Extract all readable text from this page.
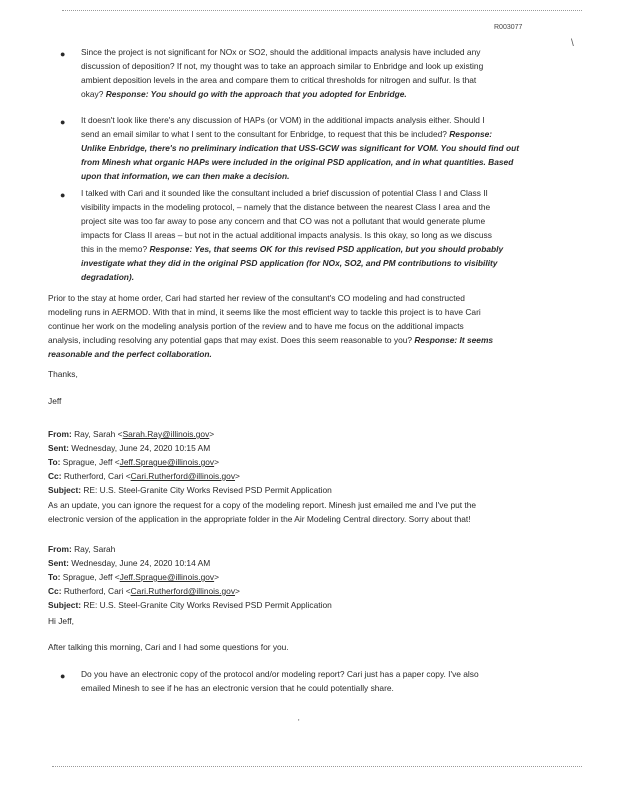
R003077
\
● Since the project is not significant for NOx or SO2, should the additional impacts analysis have included any
discussion of deposition? If not, my thought was to take an approach similar to Enbridge and look up existing
ambient deposition levels in the area and compare them to critical thresholds for nitrogen and sulfur. Is that
okay? Response: You should go with the approach that you adopted for Enbridge.
● It doesn't look like there's any discussion of HAPs (or VOM) in the additional impacts analysis either. Should I
send an email similar to what I sent to the consultant for Enbridge, to request that this be included? Response:
Unlike Enbridge, there's no preliminary indication that USS-GCW was significant for VOM. You should find out
from Minesh what organic HAPs were included in the original PSD application, and in what quantities. Based
upon that information, we can then make a decision.
● I talked with Cari and it sounded like the consultant included a brief discussion of potential Class I and Class II
visibility impacts in the modeling protocol, – namely that the distance between the nearest Class I area and the
project site was too far away to pose any concern and that CO was not a pollutant that would generate plume
impacts for Class II areas – but not in the actual additional impacts analysis. Is this okay, so long as we discuss
this in the memo? Response: Yes, that seems OK for this revised PSD application, but you should probably
investigate what they did in the original PSD application (for NOx, SO2, and PM contributions to visibility
degradation).
Prior to the stay at home order, Cari had started her review of the consultant's CO modeling and had constructed
modeling runs in AERMOD. With that in mind, it seems like the most efficient way to tackle this project is to have Cari
continue her work on the modeling analysis portion of the review and to have me focus on the additional impacts
analysis, including resolving any potential gaps that may exist. Does this seem reasonable to you? Response: It seems
reasonable and the perfect collaboration.
Thanks,
Jeff
From: Ray, Sarah <Sarah.Ray@illinois.gov>
Sent: Wednesday, June 24, 2020 10:15 AM
To: Sprague, Jeff <Jeff.Sprague@illinois.gov>
Cc: Rutherford, Cari <Cari.Rutherford@illinois.gov>
Subject: RE: U.S. Steel-Granite City Works Revised PSD Permit Application
As an update, you can ignore the request for a copy of the modeling report. Minesh just emailed me and I've put the
electronic version of the application in the appropriate folder in the Air Modeling Central directory. Sorry about that!
From: Ray, Sarah
Sent: Wednesday, June 24, 2020 10:14 AM
To: Sprague, Jeff <Jeff.Sprague@illinois.gov>
Cc: Rutherford, Cari <Cari.Rutherford@illinois.gov>
Subject: RE: U.S. Steel-Granite City Works Revised PSD Permit Application
Hi Jeff,
After talking this morning, Cari and I had some questions for you.
● Do you have an electronic copy of the protocol and/or modeling report? Cari just has a paper copy. I've also
emailed Minesh to see if he has an electronic version that he could potentially share.
'
